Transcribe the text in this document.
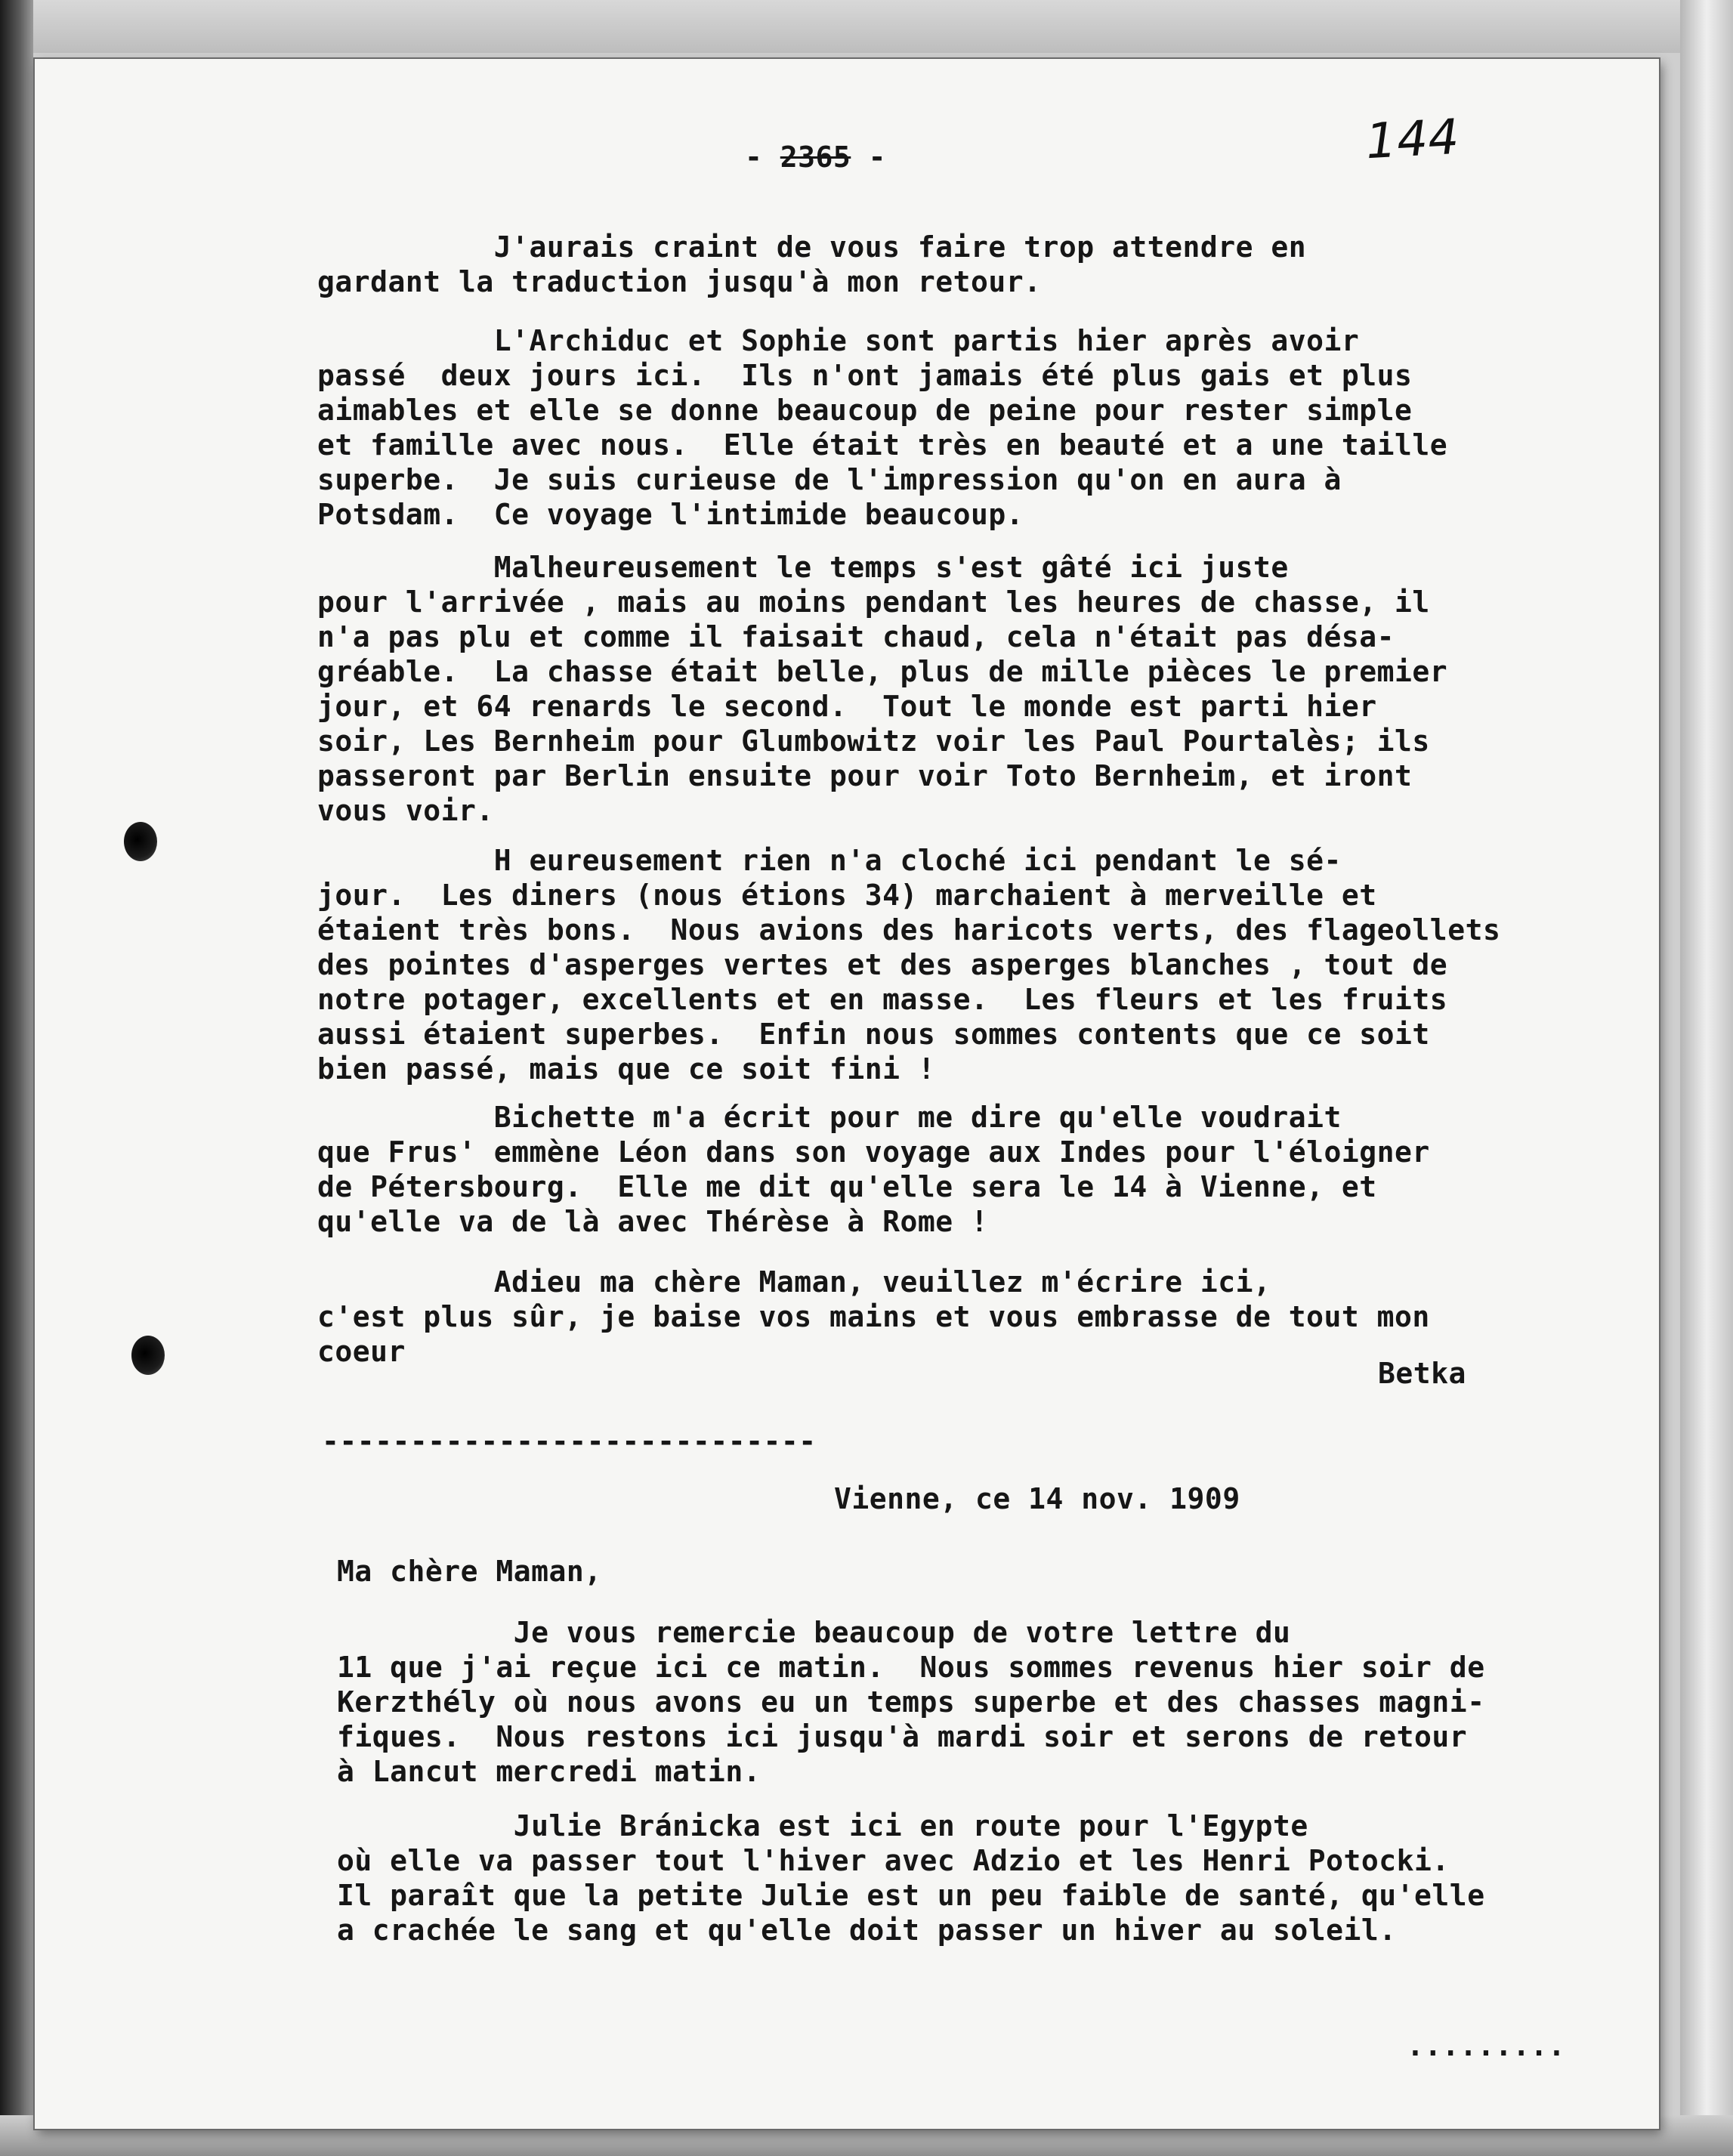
- 2365 -	144

J'aurais craint de vous faire trop attendre en
gardant la traduction jusqu'à mon retour.

L'Archiduc et Sophie sont partis hier après avoir
passé  deux jours ici.  Ils n'ont jamais été plus gais et plus
aimables et elle se donne beaucoup de peine pour rester simple
et famille avec nous.  Elle était très en beauté et a une taille
superbe.  Je suis curieuse de l'impression qu'on en aura à
Potsdam.  Ce voyage l'intimide beaucoup.

Malheureusement le temps s'est gâté ici juste
pour l'arrivée , mais au moins pendant les heures de chasse, il
n'a pas plu et comme il faisait chaud, cela n'était pas désa-
gréable.  La chasse était belle, plus de mille pièces le premier
jour, et 64 renards le second.  Tout le monde est parti hier
soir, Les Bernheim pour Glumbowitz voir les Paul Pourtalès; ils
passeront par Berlin ensuite pour voir Toto Bernheim, et iront
vous voir.

H eureusement rien n'a cloché ici pendant le sé-
jour.  Les diners (nous étions 34) marchaient à merveille et
étaient très bons.  Nous avions des haricots verts, des flageollets
des pointes d'asperges vertes et des asperges blanches , tout de
notre potager, excellents et en masse.  Les fleurs et les fruits
aussi étaient superbes.  Enfin nous sommes contents que ce soit
bien passé, mais que ce soit fini !

Bichette m'a écrit pour me dire qu'elle voudrait
que Frus' emmène Léon dans son voyage aux Indes pour l'éloigner
de Pétersbourg.  Elle me dit qu'elle sera le 14 à Vienne, et
qu'elle va de là avec Thérèse à Rome !

Adieu ma chère Maman, veuillez m'écrire ici,
c'est plus sûr, je baise vos mains et vous embrasse de tout mon
coeur

Betka
----------------------------
Vienne, ce 14 nov. 1909
Ma chère Maman,

Je vous remercie beaucoup de votre lettre du
11 que j'ai reçue ici ce matin.  Nous sommes revenus hier soir de
Kerzthély où nous avons eu un temps superbe et des chasses magni-
fiques.  Nous restons ici jusqu'à mardi soir et serons de retour
à Lancut mercredi matin.

Julie Bránicka est ici en route pour l'Egypte
où elle va passer tout l'hiver avec Adzio et les Henri Potocki.
Il paraît que la petite Julie est un peu faible de santé, qu'elle
a crachée le sang et qu'elle doit passer un hiver au soleil.

.........
